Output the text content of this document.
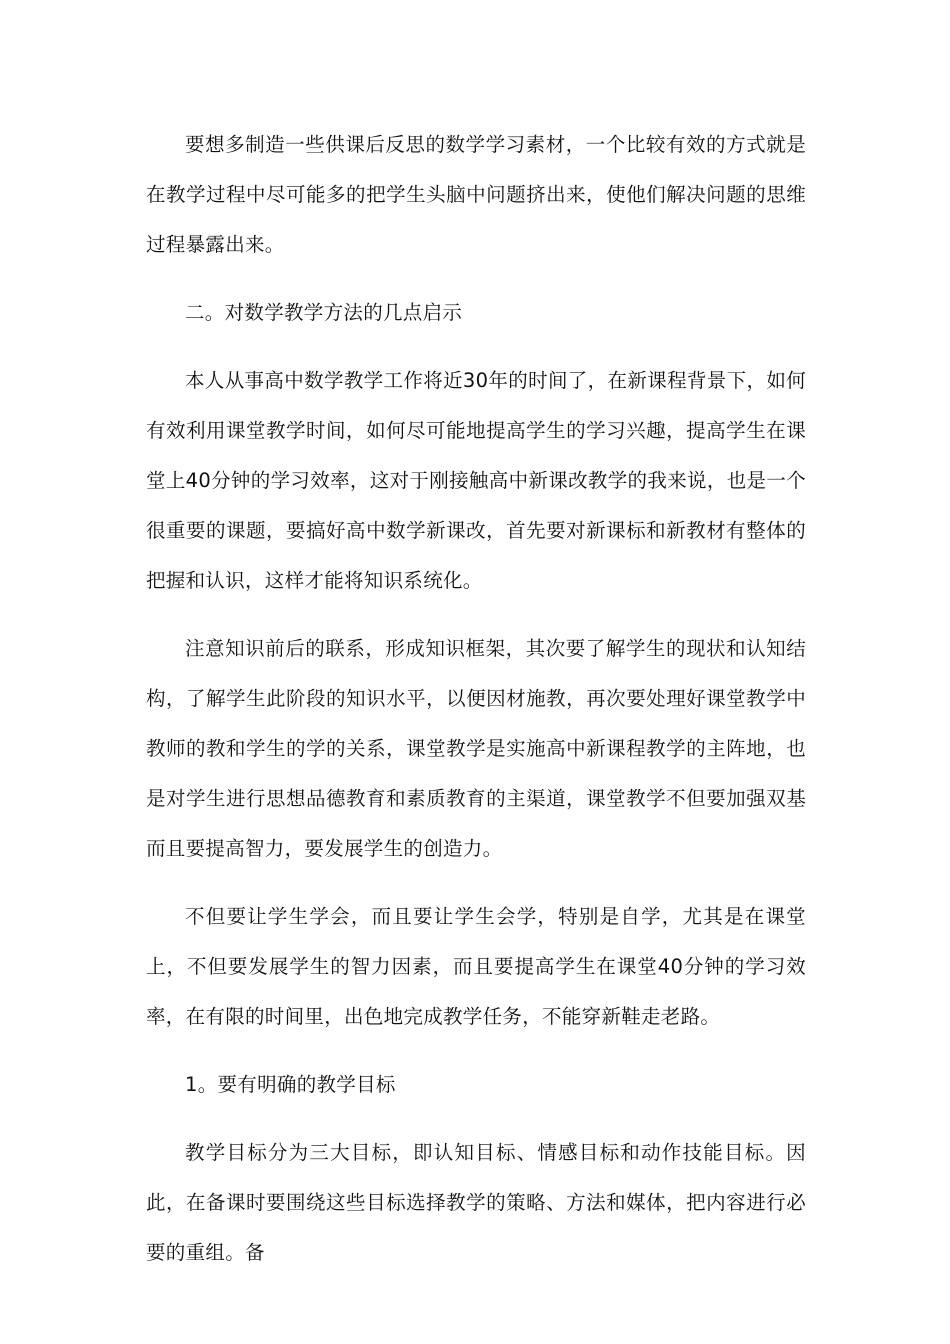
要想多制造一些供课后反思的数学学习素材，一个比较有效的方式就是在教学过程中尽可能多的把学生头脑中问题挤出来，使他们解决问题的思维过程暴露出来。

二。对数学教学方法的几点启示

本人从事高中数学教学工作将近30年的时间了，在新课程背景下，如何有效利用课堂教学时间，如何尽可能地提高学生的学习兴趣，提高学生在课堂上40分钟的学习效率，这对于刚接触高中新课改教学的我来说，也是一个很重要的课题，要搞好高中数学新课改，首先要对新课标和新教材有整体的把握和认识，这样才能将知识系统化。

注意知识前后的联系，形成知识框架，其次要了解学生的现状和认知结构，了解学生此阶段的知识水平，以便因材施教，再次要处理好课堂教学中教师的教和学生的学的关系，课堂教学是实施高中新课程教学的主阵地，也是对学生进行思想品德教育和素质教育的主渠道，课堂教学不但要加强双基而且要提高智力，要发展学生的创造力。

不但要让学生学会，而且要让学生会学，特别是自学，尤其是在课堂上，不但要发展学生的智力因素，而且要提高学生在课堂40分钟的学习效率，在有限的时间里，出色地完成教学任务，不能穿新鞋走老路。

1。要有明确的教学目标

教学目标分为三大目标，即认知目标、情感目标和动作技能目标。因此，在备课时要围绕这些目标选择教学的策略、方法和媒体，把内容进行必要的重组。备
